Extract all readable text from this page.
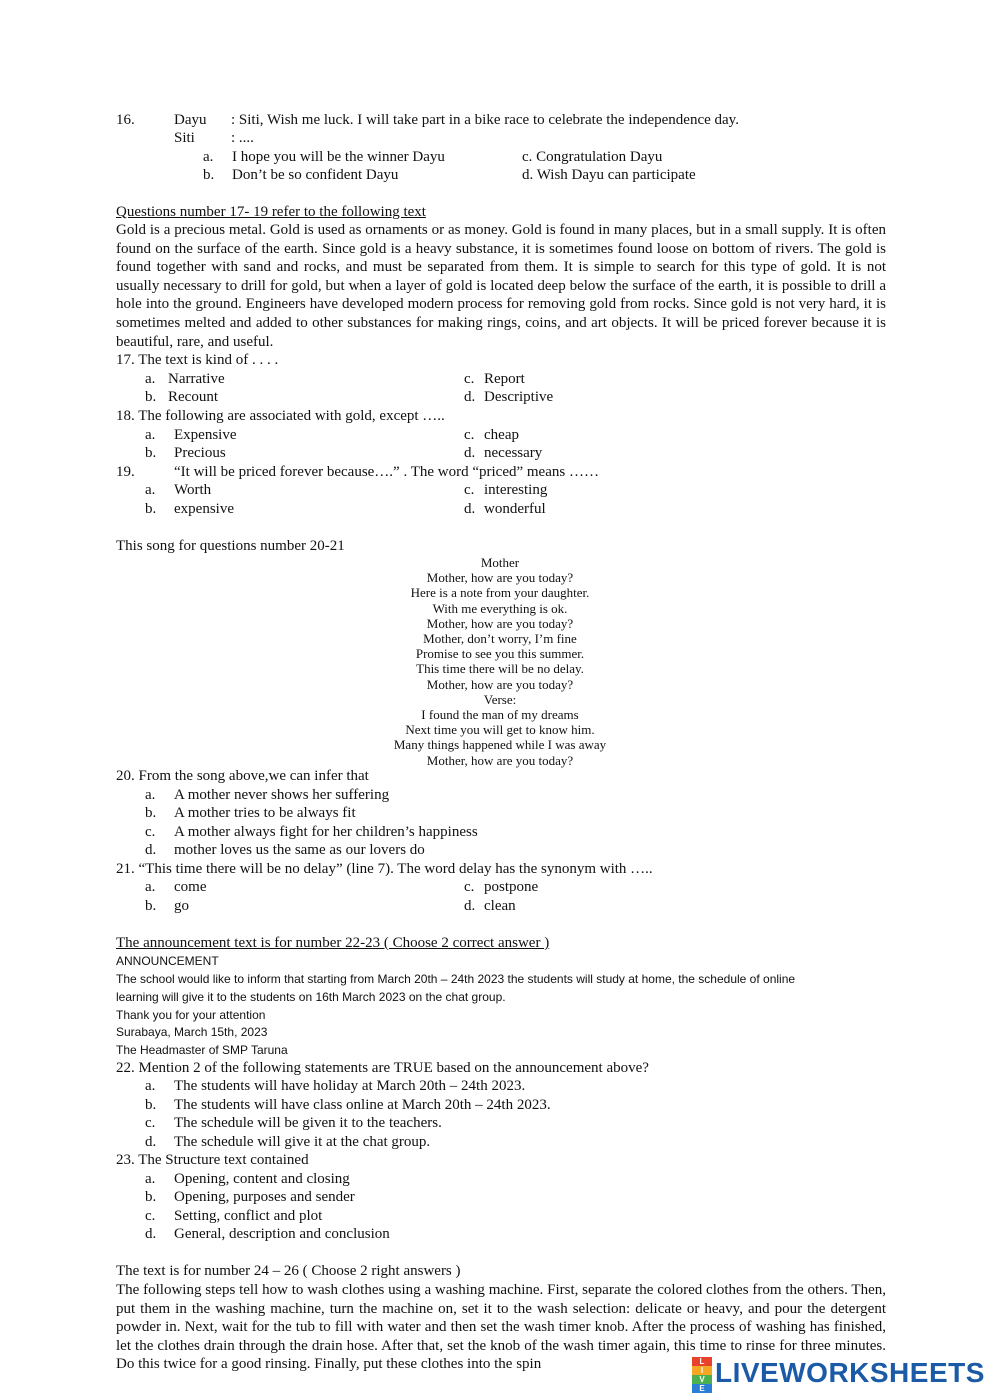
16.	Dayu : Siti, Wish me luck. I will take part in a bike race to celebrate the independence day.
Siti : ....
a. I hope you will be the winner Dayu
b. Don’t be so confident Dayu
c. Congratulation Dayu
d. Wish Dayu can participate
Questions number 17- 19 refer to the following text
Gold is a precious metal. Gold is used as ornaments or as money. Gold is found in many places, but in a small supply. It is often found on the surface of the earth. Since gold is a heavy substance, it is sometimes found loose on bottom of rivers. The gold is found together with sand and rocks, and must be separated from them. It is simple to search for this type of gold. It is not usually necessary to drill for gold, but when a layer of gold is located deep below the surface of the earth, it is possible to drill a hole into the ground. Engineers have developed modern process for removing gold from rocks. Since gold is not very hard, it is sometimes melted and added to other substances for making rings, coins, and art objects. It will be priced forever because it is beautiful, rare, and useful.
17. The text is kind of . . . .
a. Narrative	c. Report
b. Recount	d. Descriptive
18. The following are associated with gold, except …..
a. Expensive	c. cheap
b. Precious	d. necessary
19.	“It will be priced forever because….” . The word “priced” means ……
a. Worth	c. interesting
b. expensive	d. wonderful
This song for questions number 20-21
Mother
Mother, how are you today?
Here is a note from your daughter.
With me everything is ok.
Mother, how are you today?
Mother, don’t worry, I’m fine
Promise to see you this summer.
This time there will be no delay.
Mother, how are you today?
Verse:
I found the man of my dreams
Next time you will get to know him.
Many things happened while I was away
Mother, how are you today?
20. From the song above,we can infer that
a. A mother never shows her suffering
b. A mother tries to be always fit
c. A mother always fight for her children’s happiness
d. mother loves us the same as our lovers do
21. “This time there will be no delay” (line 7). The word delay has the synonym with …..
a. come	c. postpone
b. go	d. clean
The announcement text is for number 22-23 ( Choose 2 correct answer )
ANNOUNCEMENT
The school would like to inform that starting from March 20th – 24th 2023 the students will study at home, the schedule of online
learning will give it to the students on 16th March 2023 on the chat group.
Thank you for your attention
Surabaya, March 15th, 2023
The Headmaster of SMP Taruna
22. Mention 2 of the following statements are TRUE based on the announcement above?
a. The students will have holiday at March 20th – 24th 2023.
b. The students will have class online at March 20th – 24th 2023.
c. The schedule will be given it to the teachers.
d. The schedule will give it at the chat group.
23. The Structure text contained
a. Opening, content and closing
b. Opening, purposes and sender
c. Setting, conflict and plot
d. General, description and conclusion
The text is for number 24 – 26 ( Choose 2 right answers )
The following steps tell how to wash clothes using a washing machine. First, separate the colored clothes from the others. Then, put them in the washing machine, turn the machine on, set it to the wash selection: delicate or heavy, and pour the detergent powder in. Next, wait for the tub to fill with water and then set the wash timer knob. After the process of washing has finished, let the clothes drain through the drain hose. After that, set the knob of the wash timer again, this time to rinse for three minutes. Do this twice for a good rinsing. Finally, put these clothes into the spin	L
I
V
E
LIVEWORKSHEETS
